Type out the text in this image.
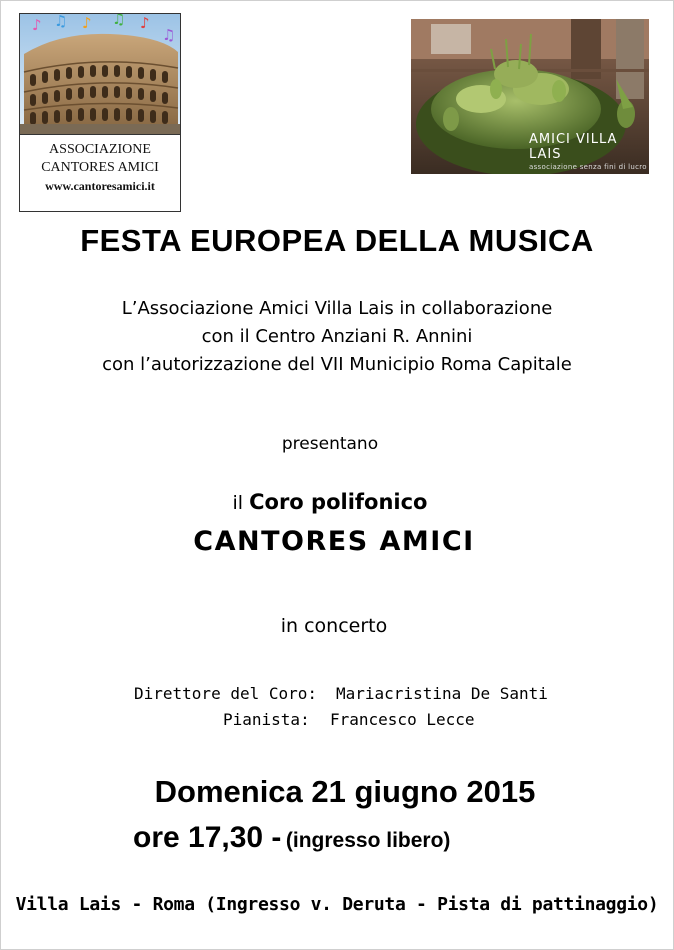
♪ ♫ ♪ ♫ ♪
♫
ASSOCIAZIONE
CANTORES AMICI
www.cantoresamici.it
AMICI VILLA LAIS
associazione senza fini di lucro
FESTA EUROPEA DELLA MUSICA
L’Associazione Amici Villa Lais in collaborazione
con il Centro Anziani R. Annini
con l’autorizzazione del VII Municipio Roma Capitale
presentano
il Coro polifonico
CANTORES AMICI
in concerto
Direttore del Coro: Mariacristina De Santi
Pianista: Francesco Lecce
Domenica 21 giugno 2015
ore 17,30 - (ingresso libero)
Villa Lais - Roma (Ingresso v. Deruta - Pista di pattinaggio)
